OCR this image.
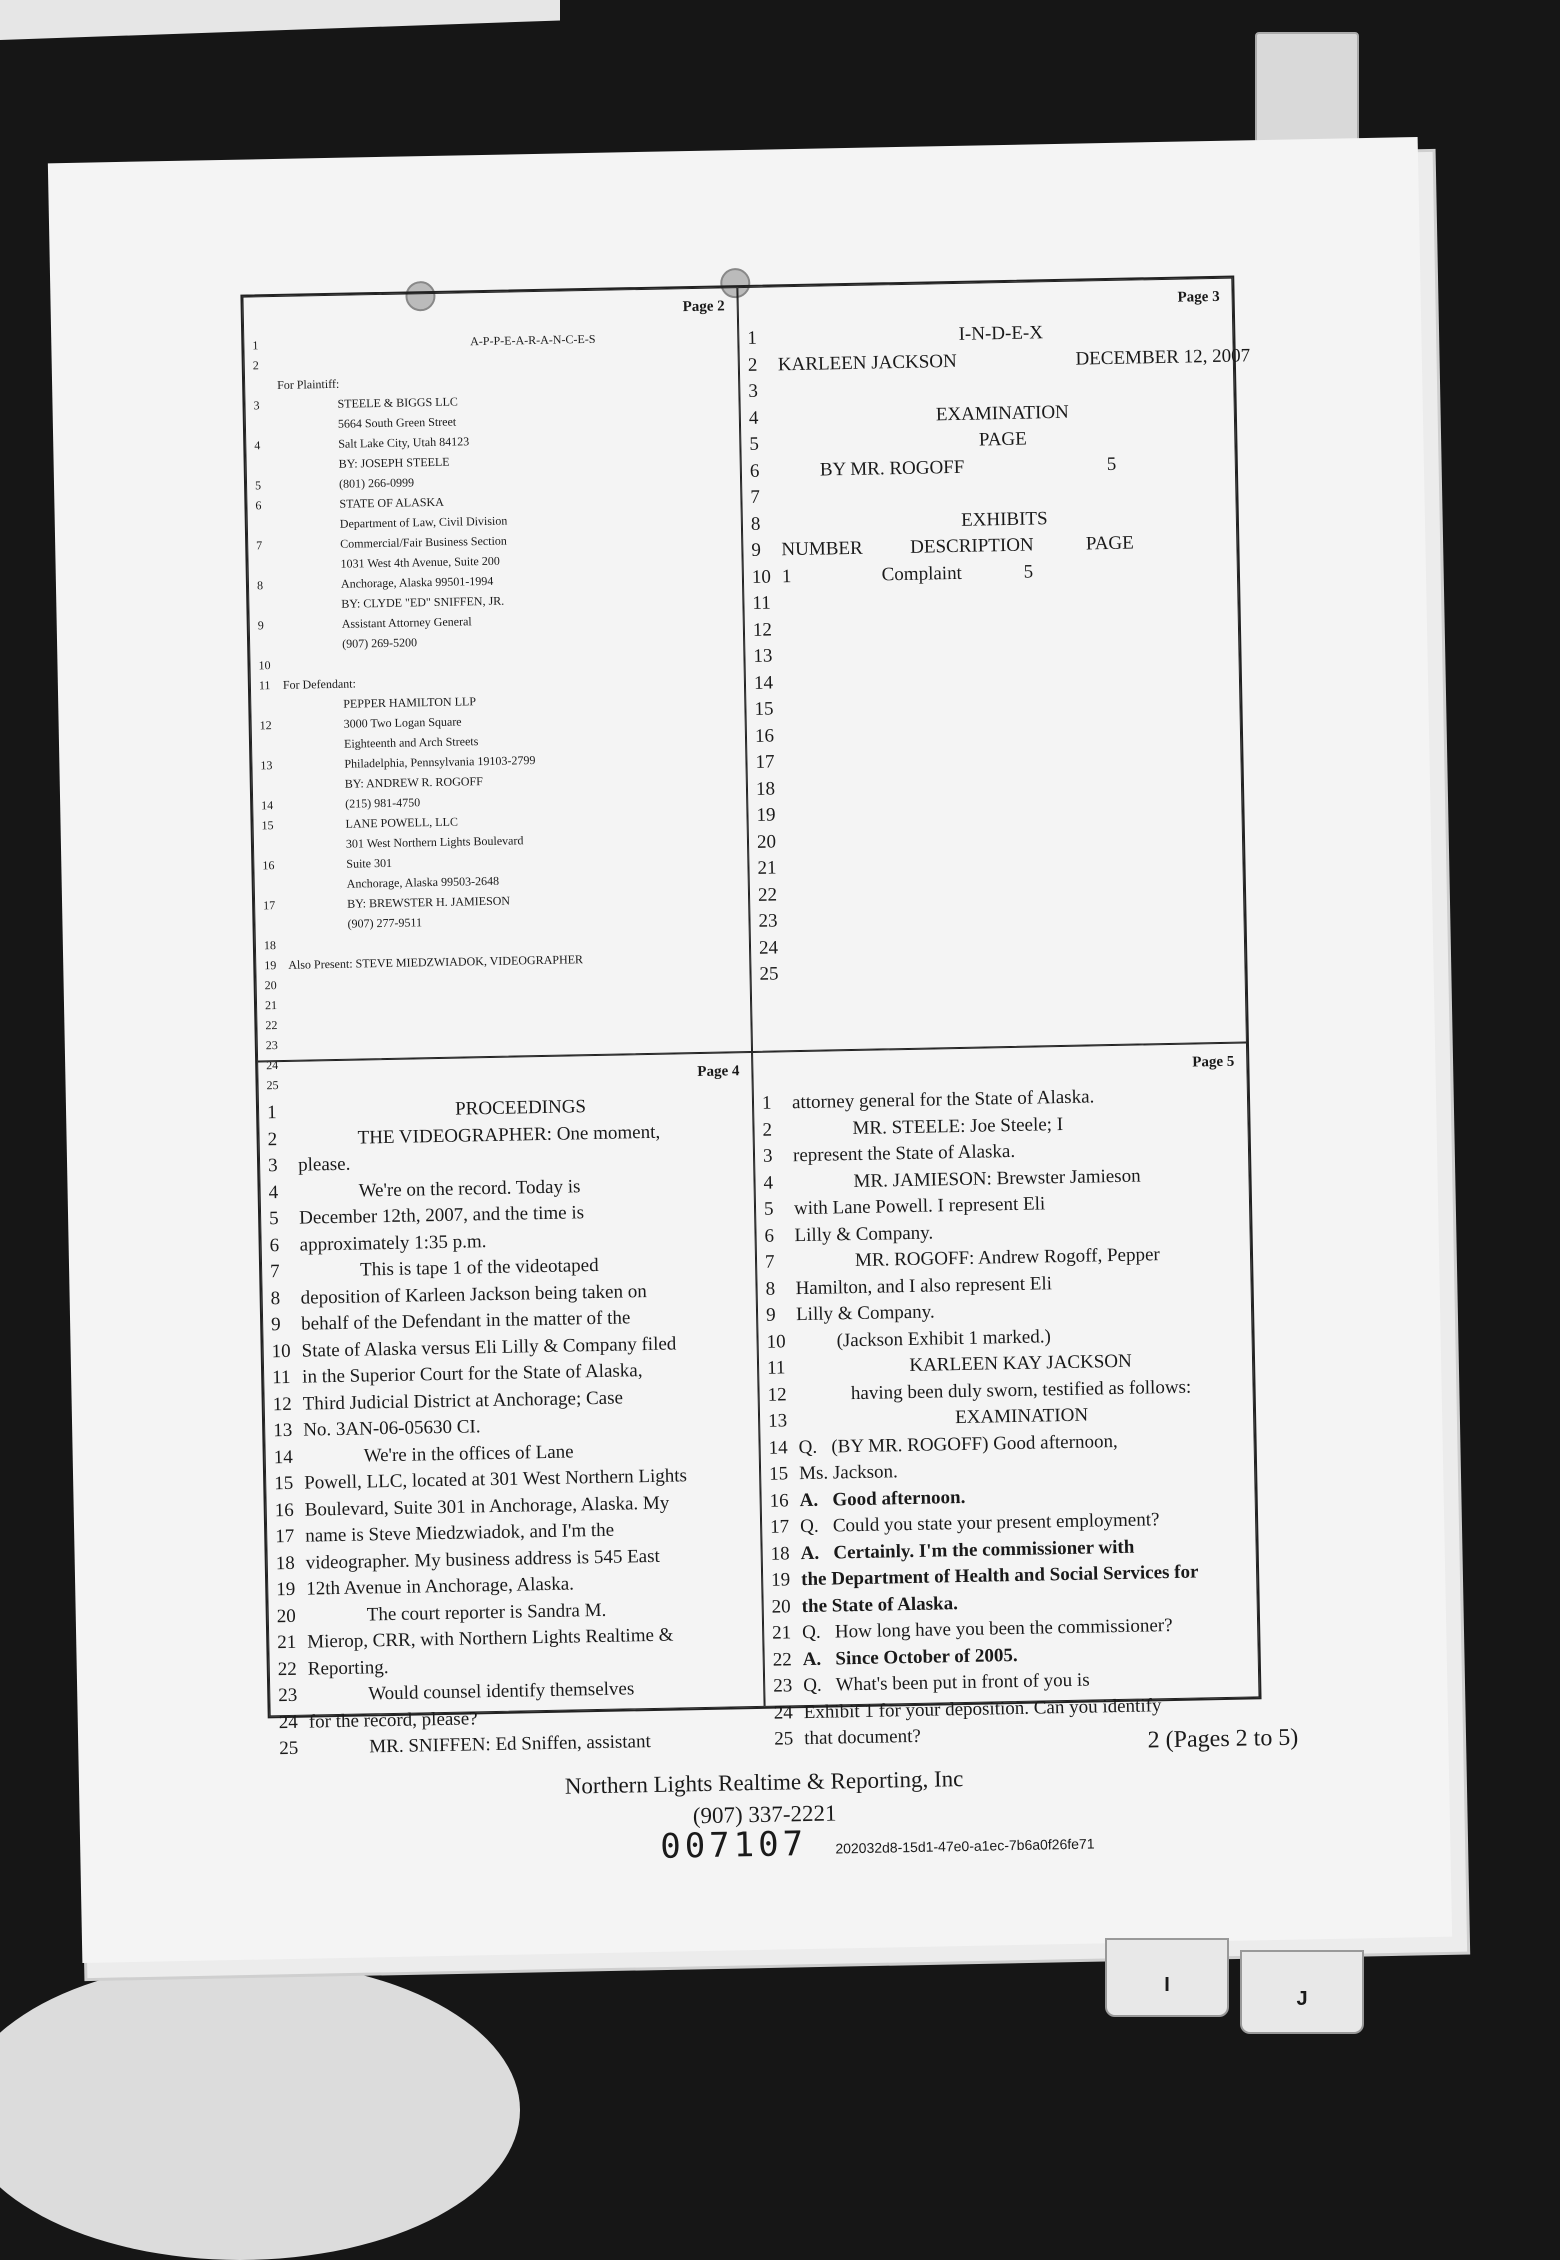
Page 2
1	A-P-P-E-A-R-A-N-C-E-S
2
For Plaintiff:
3	STEELE & BIGGS LLC
5664 South Green Street
4	Salt Lake City, Utah 84123
BY: JOSEPH STEELE
5	(801) 266-0999
6	STATE OF ALASKA
Department of Law, Civil Division
7	Commercial/Fair Business Section
1031 West 4th Avenue, Suite 200
8	Anchorage, Alaska 99501-1994
BY: CLYDE "ED" SNIFFEN, JR.
9	Assistant Attorney General
(907) 269-5200
10
11	For Defendant:
PEPPER HAMILTON LLP
12	3000 Two Logan Square
Eighteenth and Arch Streets
13	Philadelphia, Pennsylvania 19103-2799
BY: ANDREW R. ROGOFF
14	(215) 981-4750
15	LANE POWELL, LLC
301 West Northern Lights Boulevard
16	Suite 301
Anchorage, Alaska 99503-2648
17	BY: BREWSTER H. JAMIESON
(907) 277-9511
18
19 Also Present: STEVE MIEDZWIADOK, VIDEOGRAPHER
20
21
22
23
24
25
Page 3
1	I-N-D-E-X
2	KARLEEN JACKSON                         DECEMBER 12, 2007
3
4	EXAMINATION
5	PAGE
6	BY MR. ROGOFF                              5
7
8	EXHIBITS
9	NUMBER          DESCRIPTION           PAGE
10 1                   Complaint             5
11
12
13
14
15
16
17
18
19
20
21
22
23
24
25
Page 4
1	PROCEEDINGS
2	THE VIDEOGRAPHER: One moment,
3	please.
4	We're on the record. Today is
5	December 12th, 2007, and the time is
6	approximately 1:35 p.m.
7	This is tape 1 of the videotaped
8	deposition of Karleen Jackson being taken on
9	behalf of the Defendant in the matter of the
10 State of Alaska versus Eli Lilly & Company filed
11 in the Superior Court for the State of Alaska,
12 Third Judicial District at Anchorage; Case
13 No. 3AN-06-05630 CI.
14	We're in the offices of Lane
15 Powell, LLC, located at 301 West Northern Lights
16 Boulevard, Suite 301 in Anchorage, Alaska. My
17 name is Steve Miedzwiadok, and I'm the
18 videographer. My business address is 545 East
19 12th Avenue in Anchorage, Alaska.
20	The court reporter is Sandra M.
21 Mierop, CRR, with Northern Lights Realtime &
22 Reporting.
23	Would counsel identify themselves
24 for the record, please?
25	MR. SNIFFEN: Ed Sniffen, assistant
Page 5
1	attorney general for the State of Alaska.
2	MR. STEELE: Joe Steele; I
3	represent the State of Alaska.
4	MR. JAMIESON: Brewster Jamieson
5	with Lane Powell. I represent Eli
6	Lilly & Company.
7	MR. ROGOFF: Andrew Rogoff, Pepper
8	Hamilton, and I also represent Eli
9	Lilly & Company.
10	(Jackson Exhibit 1 marked.)
11	KARLEEN KAY JACKSON
12	having been duly sworn, testified as follows:
13	EXAMINATION
14 Q.   (BY MR. ROGOFF) Good afternoon,
15 Ms. Jackson.
16 A.   Good afternoon.
17 Q.   Could you state your present employment?
18 A.   Certainly. I'm the commissioner with
19 the Department of Health and Social Services for
20 the State of Alaska.
21 Q.   How long have you been the commissioner?
22 A.   Since October of 2005.
23 Q.   What's been put in front of you is
24 Exhibit 1 for your deposition. Can you identify
25 that document?	2 (Pages 2 to 5)
Northern Lights Realtime & Reporting, Inc
(907) 337-2221
007107 202032d8-15d1-47e0-a1ec-7b6a0f26fe71
I
J
